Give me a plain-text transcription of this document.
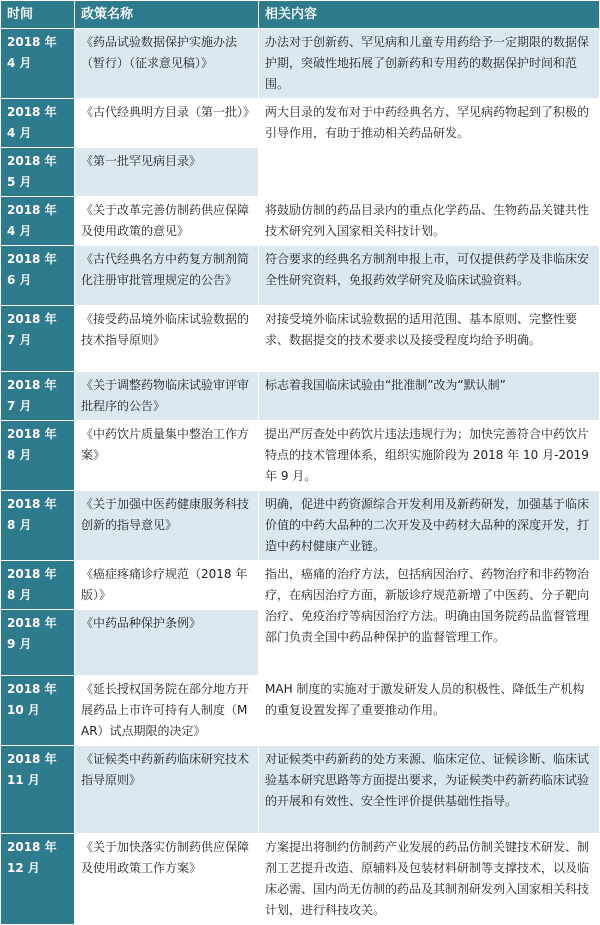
时间	政策名称	相关内容
2018 年 4 月	《药品试验数据保护实施办法（暂行）（征求意见稿）》	办法对于创新药、罕见病和儿童专用药给予一定期限的数据保护期，突破性地拓展了创新药和专用药的数据保护时间和范围。
2018 年 4 月	《古代经典明方目录（第一批）》	两大目录的发布对于中药经典名方、罕见病药物起到了积极的引导作用，有助于推动相关药品研发。
2018 年 5 月	《第一批罕见病目录》	
2018 年 4 月	《关于改革完善仿制药供应保障及使用政策的意见》	将鼓励仿制的药品目录内的重点化学药品、生物药品关键共性技术研究列入国家相关科技计划。
2018 年 6 月	《古代经典名方中药复方制剂简化注册审批管理规定的公告》	符合要求的经典名方制剂申报上市，可仅提供药学及非临床安全性研究资料，免报药效学研究及临床试验资料。
2018 年 7 月	《接受药品境外临床试验数据的技术指导原则》	对接受境外临床试验数据的适用范围、基本原则、完整性要求、数据提交的技术要求以及接受程度均给予明确。
2018 年 7 月	《关于调整药物临床试验审评审批程序的公告》	标志着我国临床试验由“批准制”改为“默认制”
2018 年 8 月	《中药饮片质量集中整治工作方案》	提出严厉查处中药饮片违法违规行为；加快完善符合中药饮片特点的技术管理体系，组织实施阶段为 2018 年 10 月-2019 年 9 月。
2018 年 8 月	《关于加强中医药健康服务科技创新的指导意见》	明确，促进中药资源综合开发利用及新药研发，加强基于临床价值的中药大品种的二次开发及中药材大品种的深度开发，打造中药村健康产业链。
2018 年 8 月	《癌症疼痛诊疗规范（2018 年版）》	指出，癌痛的治疗方法，包括病因治疗、药物治疗和非药物治疗，在病因治疗方面，新版诊疗规范新增了中医药、分子靶向治疗、免疫治疗等病因治疗方法。明确由国务院药品监督管理部门负责全国中药品种保护的监督管理工作。
2018 年 9 月	《中药品种保护条例》	
2018 年 10 月	《延长授权国务院在部分地方开展药品上市许可持有人制度（MAR）试点期限的决定》	MAH 制度的实施对于激发研发人员的积极性、降低生产机构的重复设置发挥了重要推动作用。
2018 年 11 月	《证候类中药新药临床研究技术指导原则》	对证候类中药新药的处方来源、临床定位、证候诊断、临床试验基本研究思路等方面提出要求，为证候类中药新药临床试验的开展和有效性、安全性评价提供基础性指导。
2018 年 12 月	《关于加快落实仿制药供应保障及使用政策工作方案》	方案提出将制约仿制药产业发展的药品仿制关键技术研发、制剂工艺提升改造、原辅料及包装材料研制等支撑技术，以及临床必需、国内尚无仿制的药品及其制剂研发列入国家相关科技计划，进行科技攻关。
